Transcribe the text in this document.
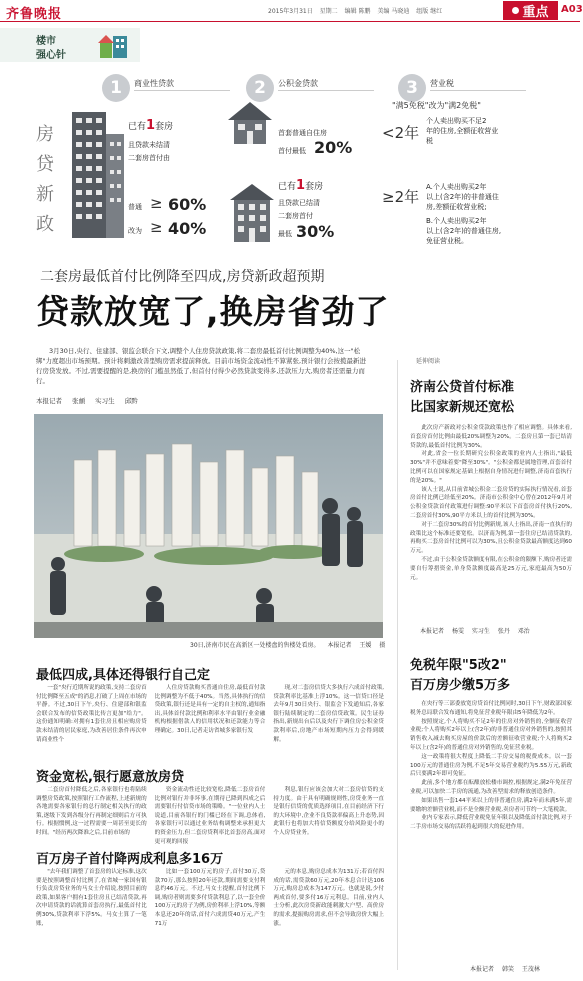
齐鲁晚报	2015年3月31日 星期二 编辑 陈鹏 美编 马晓迪 组版 继红	重点 A03
楼市
强心针
房
贷
新
政
1	商业性贷款
已有1套房
且贷款未结清
二套房首付由
普通 ≥ 60%
改为 ≥ 40%
2	公积金贷款
首套普通自住房
首付最低 20%
已有1套房
且贷款已结清
二套房首付
最低 30%
3	营业税
"满5免税"改为"满2免税"
<2年
个人卖出购买不足2
年的住房,全额征收营业
税
≥2年
A.个人卖出购买2年
以上(含2年)的非普通住
房,差额征收营业税;
B.个人卖出购买2年
以上(含2年)的普通住房,
免征营业税。
二套房最低首付比例降至四成,房贷新政超预期
贷款放宽了,换房省劲了
3月30日,央行、住建部、银监会联合下文,调整个人住房贷款政策,将二套房最低首付比例调整为40%,这一"松绑"力度超出市场预期。预计将刺激改善型购房需求提前释放。目前市场资金流动性不算紧张,预计银行会按揽最新进行房贷发放。不过,需要提醒的是,换房的门槛虽然低了,但首付付得少必然贷款变得多,还款压力大,购房者还需量力而行。
本报记者 张頔 实习生 邱黔
30日,济南市民在高新区一处楼盘的售楼处看房。 本报记者 王媛 摄
最低四成,具体还得银行自己定
一套"央行近期所说的政策,支持二套房首付比例降至五成"的消息,打破了上周在市场的平静。不过,30日下午,央行、住建部和银监会联合发布的信贷政策比传言更加"给力"。这份通知明确:对拥有1套住房且相应购房贷款未结清的居民家庭,为改善居住条件再次申请商业性个
人住房贷款购买普通自住房,最低首付款比例调整为不低于40%。当然,具体执行的信贷政策,银行还是具有一定的自主权的,通知指出,具体首付款比例和利率水平由银行业金融机构根据借款人的信用状况和还款能力等合理确定。30日,记者走访省城多家银行发
现,对二套房信贷大多执行六成首付政策,贷款利率比基准上浮10%。这一信贷口径是去年9月30日央行、银监会下发通知后,各家银行陆续制定的二套房信贷政策。民生证券指出,新规出台后以及央行下调住房公积金贷款利率后,房地产市场短期内压力会得到缓解。
资金宽松,银行愿意放房贷
二套房首付降低之后,各家银行也将陆续调整房贷政策,按照银行工作流程,上述新规的各地需要各家银行的总行制定相关执行的政策,逐级下发到各级分行再制定细则后方可执行。根据惯例,这一过程需要一周甚至更长的时间。"经历两次降准之后,目前市场的
资金流动性还比较宽松,降低二套房首付比例对银行并非坏事,在期待已降到四成之后需要银行付信贷市场的策略。"一位业内人士说道,目前各银行的门槛已经在下调,总体看,各家银行可以通过业务结构调整来承担更大的资金压力,但二套房贷利率比首套房高,面对更可观的回报
利息,银行应该会加大对二套房信贷的支持力度。由于具有明确规则性,房贷业务一直是银行信贷的优质选择项目,在目前经济下行的大环境中,企业不良贷款率偏高上升态势,因此银行也将加大将信贷额度分给风险更小的个人房贷业务。
百万房子首付降两成利息多16万
"去年我们调整了首套房的认定标准,这次要是按照调整首付比例了,在省城一家国有银行负责房贷业务的马女士介绍说,按照目前的政策,如果客户拥有1套住房且已结清贷款,再次申请贷款的话就算首套房执行,最低首付比例30%,贷款利率下浮5%。马女士算了一笔账,
比如一套100万元的房子,首付30万,贷款70万,那么按照20年还款,期间需要支付利息约46万元。不过,马女士提醒,首付比例下调,购房者则需要多付贷款利息了,以一套全价100万元的房子为例,房价利率上浮10%,等额本息还20年的话,首付六成需贷40万元,产生71万
元的本息,购房总成本为131万;若首付四成的话,需贷款60万元,20年本息合计达106万元,购房总成本为147万元。也就是说,少付两成首付,要多付16万元利息。目前,业内人士分析,此次房贷新政能刺激大户型、高价房的需求,提振购房需求,但不会导致房价大幅上涨。
延伸阅读
济南公贷首付标准
比国家新规还宽松

此次房产新政对公积金贷款政策也作了相应调整。具体来看,首套房首付比例由最低20%调整为20%。二套房且第一套已结清贷款的,最低首付比例为30%。

对此,省会一位长期研究公积金政策的业内人士指出,"最低30%"并不意味着要"降至30%"。"公积金都是属地管理,首套首付比例可以在国家规定基础上根据自身情况进行调整,济南首套执行的是20%。"

该人士说,从目前省城公积金二套房贷的实际执行情况看,首套房首付比例已经低至20%。济南市公积金中心曾在2012年9月对公积金贷款首付政策进行调整:90平米以下首套房首付执行20%,二套房首付30%,90平方米以上的首付比例为30%。

对于二套房30%的首付比例新规,该人士指出,济南一直执行的政策比这个标准还要宽松。以济南为例,第一套住房已结清贷款的,再购买二套房首付比例可以为30%,且公积金贷款最高额度达到60万元。

不过,由于公积金贷款额度有限,在公积金的限额下,购房者还需要自行筹措资金,单身贷款额度最高是25万元,家庭最高为50万元。

本报记者 杨雯 实习生 张丹 邓治
免税年限"5改2"
百万房少缴5万多

在央行等三部委放宽房贷首付比例同时,30日下午,财政部国家税务总局联合发布通知,将免征营业税年限由5年降低为2年。

按照规定,个人将购买不足2年的住房对外销售的,全额征收营业税;个人将购买2年以上(含2年)的非普通住房对外销售的,按照其销售收入减去购买房屋的价款后的差额征收营业税;个人将购买2年以上(含2年)的普通住房对外销售的,免征营业税。

这一政策将很大程度上降低二手房交易的税费成本。以一套100万元的普通住房为例,不足5年交易营业税约为5.55万元,新政后只要满2年即可免征。

此前,多个地方都在酝酿放松楼市调控,根据规定,满2年免征营业税,可以加快二手房的流通,为改善型需求的释放创造条件。

如果出售一套144平米以上的非普通住房,满2年而未满5年,需要缴纳差额营业税,而不是全额营业税,卖房者可节约一大笔税款。

业内专家表示,降低营业税免征年限以及降低首付款比例,对于二手房市场交易的活跃将起到很大的促进作用。

本报记者 韩笑 王茂林
